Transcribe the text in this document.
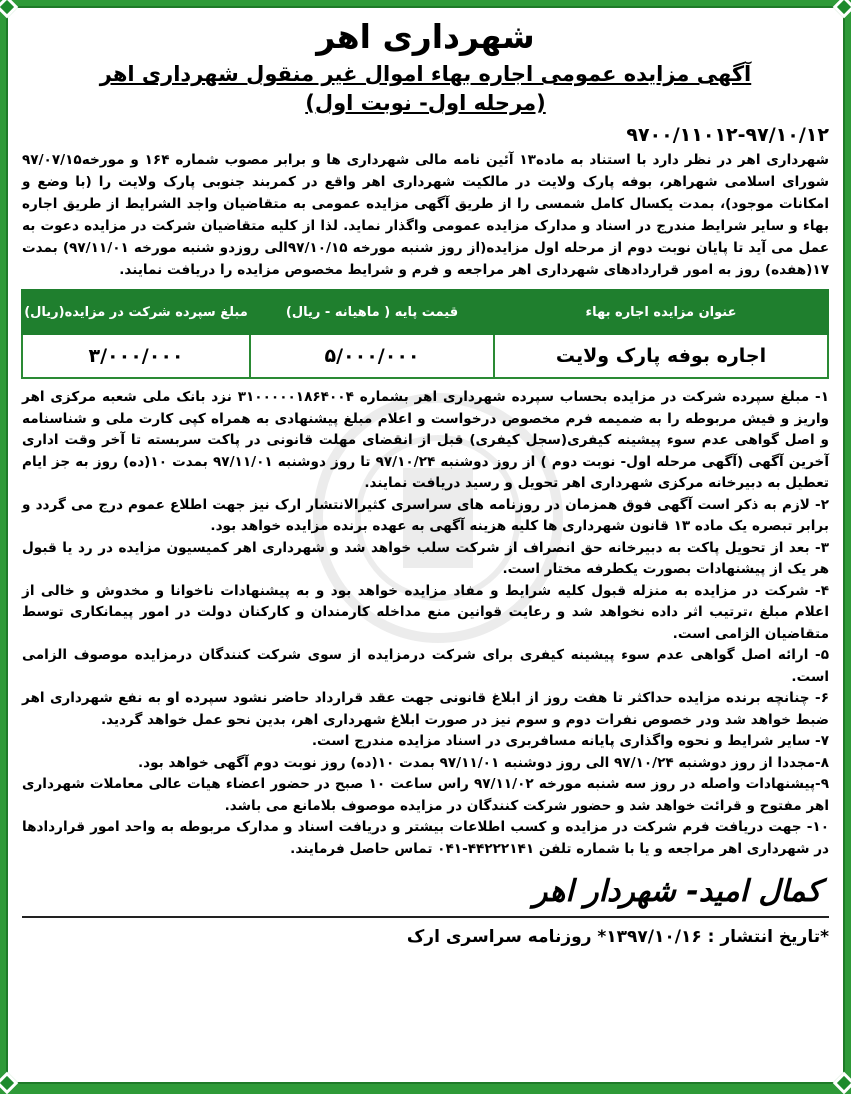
شهرداری اهر
آگهی مزایده عمومی اجاره بهاء اموال غیر منقول شهرداری اهر
(مرحله اول- نوبت اول)

۹۷۰۰/۱۱۰۱۲-۹۷/۱۰/۱۲

شهرداری اهر در نظر دارد با استناد به ماده۱۳ آئین نامه مالی شهرداری ها و برابر مصوب شماره ۱۶۴ و مورخه۹۷/۰۷/۱۵ شورای اسلامی شهراهر، بوفه پارک ولایت در مالکیت شهرداری اهر واقع در کمربند جنوبی پارک ولایت را (با وضع و امکانات موجود)، بمدت یکسال کامل شمسی را از طریق آگهی مزایده عمومی به متقاضیان واجد الشرایط از طریق اجاره بهاء و سایر شرایط مندرج در اسناد و مدارک مزایده عمومی واگذار نماید. لذا از کلیه متقاضیان شرکت در مزایده دعوت به عمل می آید تا پایان نوبت دوم از مرحله اول مزایده(از روز شنبه مورخه ۹۷/۱۰/۱۵الی روزدو شنبه مورخه ۹۷/۱۱/۰۱) بمدت ۱۷(هفده) روز به امور قراردادهای شهرداری اهر مراجعه و فرم و شرایط مخصوص مزایده را دریافت نمایند.

عنوان مزایده اجاره بهاء	قیمت پایه ( ماهیانه - ریال)	مبلغ سپرده شرکت در مزایده(ریال)
اجاره بوفه پارک ولایت	۵/۰۰۰/۰۰۰	۳/۰۰۰/۰۰۰

۱- مبلغ سپرده شرکت در مزایده بحساب سپرده شهرداری اهر بشماره ۳۱۰۰۰۰۰۱۸۶۴۰۰۴ نزد بانک ملی شعبه مرکزی اهر واریز و فیش مربوطه را به ضمیمه فرم مخصوص درخواست و اعلام مبلغ پیشنهادی به همراه کپی کارت ملی و شناسنامه و اصل گواهی عدم سوء پیشینه کیفری(سجل کیفری) قبل از انقضای مهلت قانونی در پاکت سربسته تا آخر وقت اداری آخرین آگهی (آگهی مرحله اول- نوبت دوم ) از روز دوشنبه ۹۷/۱۰/۲۴ تا روز دوشنبه ۹۷/۱۱/۰۱ بمدت ۱۰(ده) روز به جز ایام تعطیل به دبیرخانه مرکزی شهرداری اهر تحویل و رسید دریافت نمایند.

۲- لازم به ذکر است آگهی فوق همزمان در روزنامه های سراسری کثیرالانتشار ارک نیز جهت اطلاع عموم درج می گردد و برابر تبصره یک ماده ۱۳ قانون شهرداری ها کلیه هزینه آگهی به عهده برنده مزایده خواهد بود.

۳- بعد از تحویل پاکت به دبیرخانه حق انصراف از شرکت سلب خواهد شد و شهرداری اهر کمیسیون مزایده در رد یا قبول هر یک از پیشنهادات بصورت یکطرفه مختار است.

۴- شرکت در مزایده به منزله قبول کلیه شرایط و مفاد مزایده خواهد بود و به پیشنهادات ناخوانا و مخدوش و خالی از اعلام مبلغ ،ترتیب اثر داده نخواهد شد و رعایت قوانین منع مداخله کارمندان و کارکنان دولت در امور پیمانکاری توسط متقاضیان الزامی است.

۵- ارائه اصل گواهی عدم سوء پیشینه کیفری برای شرکت درمزایده از سوی شرکت کنندگان درمزایده موصوف الزامی است.

۶- چنانچه برنده مزایده حداکثر تا هفت روز از ابلاغ قانونی جهت عقد قرارداد حاضر نشود سپرده او به نفع شهرداری اهر ضبط خواهد شد ودر خصوص نفرات دوم و سوم نیز در صورت ابلاغ شهرداری اهر، بدین نحو عمل خواهد گردید.

۷- سایر شرایط و نحوه واگذاری پایانه مسافربری در اسناد مزایده مندرج است.

۸-مجددا از روز دوشنبه ۹۷/۱۰/۲۴ الی روز دوشنبه ۹۷/۱۱/۰۱ بمدت ۱۰(ده) روز نوبت دوم آگهی خواهد بود.

۹-پیشنهادات واصله در روز سه شنبه مورخه ۹۷/۱۱/۰۲ راس ساعت ۱۰ صبح در حضور اعضاء هیات عالی معاملات شهرداری اهر مفتوح و قرائت خواهد شد و حضور شرکت کنندگان در مزایده موصوف بلامانع می باشد.

۱۰- جهت دریافت فرم شرکت در مزایده و کسب اطلاعات بیشتر و دریافت اسناد و مدارک مربوطه به واحد امور قراردادها در شهرداری اهر مراجعه و یا با شماره تلفن ۴۴۲۲۲۱۴۱-۰۴۱ تماس حاصل فرمایند.

کمال امید- شهردار اهر

*تاریخ انتشار : ۱۳۹۷/۱۰/۱۶* روزنامه سراسری ارک
